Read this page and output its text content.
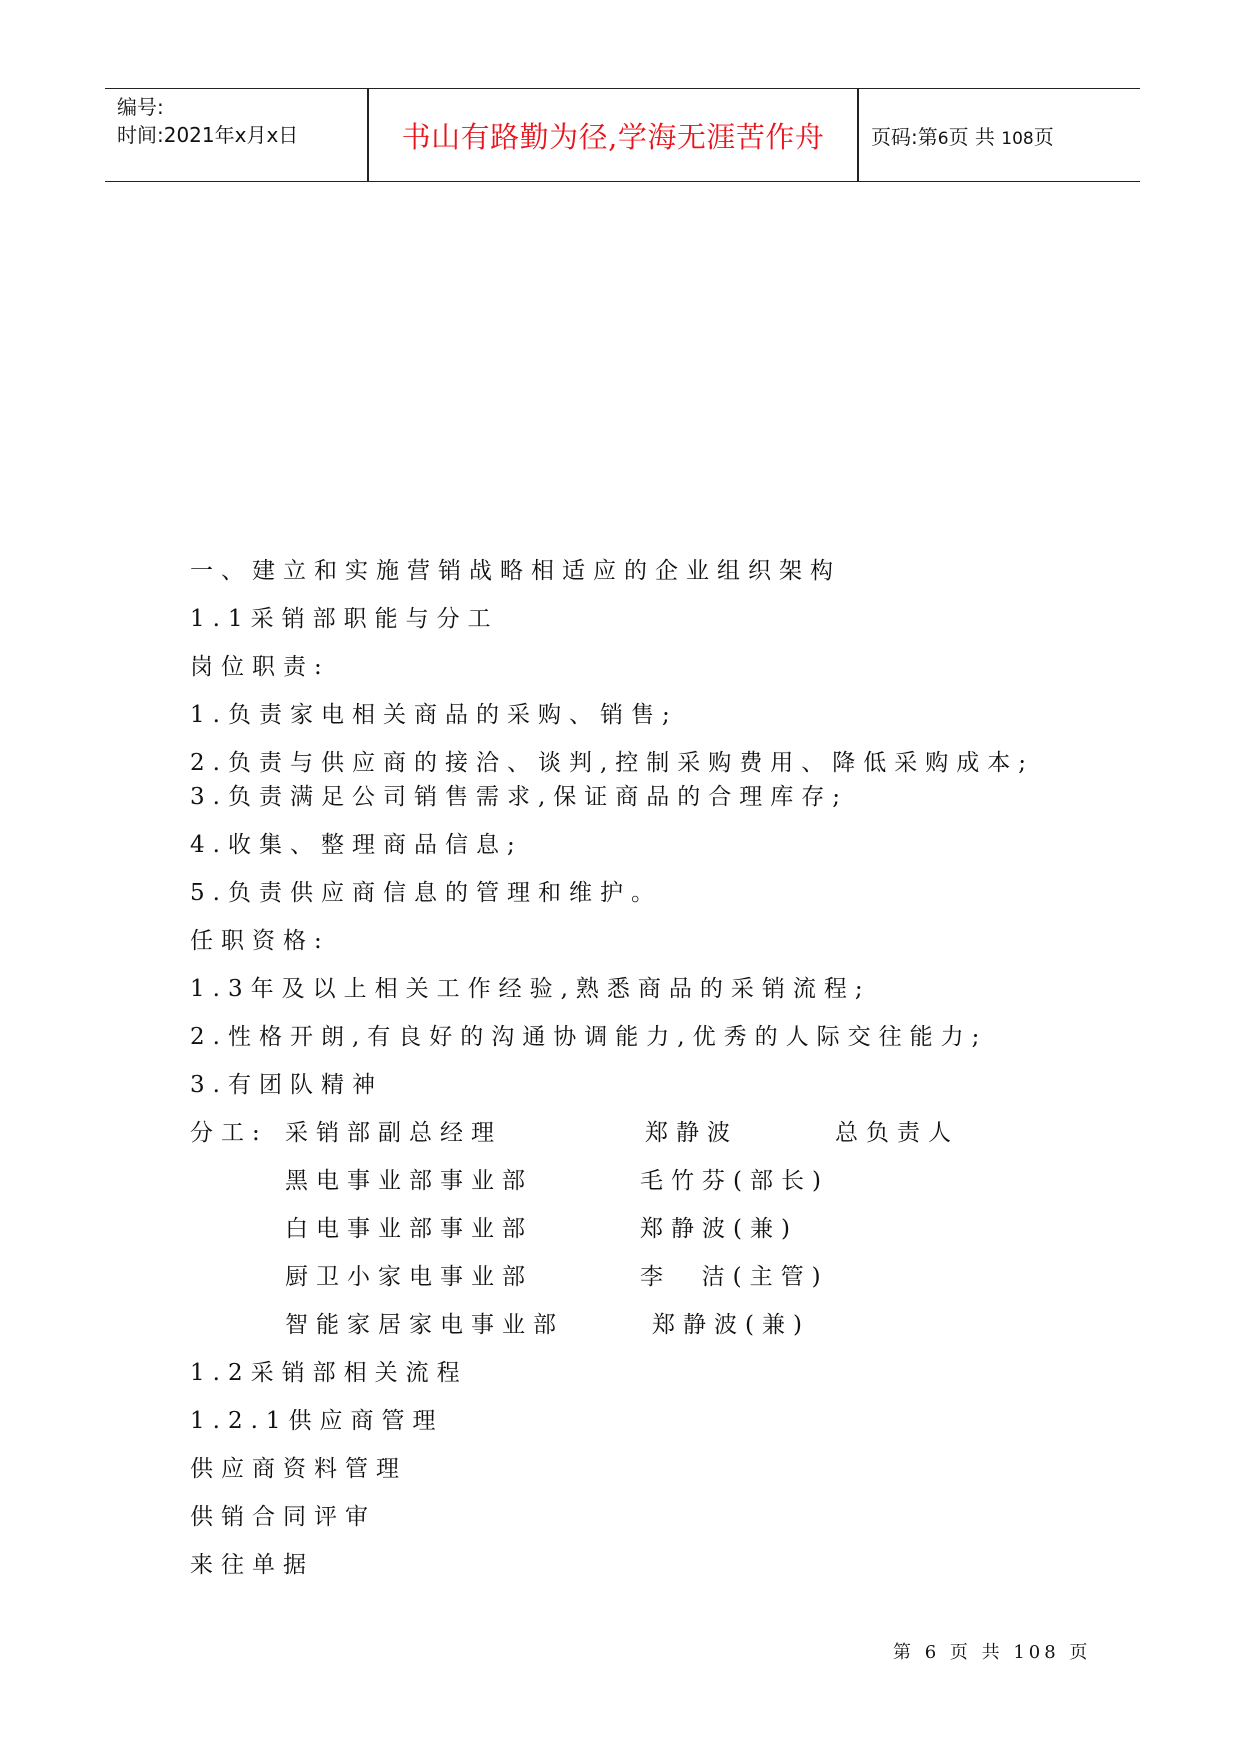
编号:
时间:2021年x月x日	书山有路勤为径,学海无涯苦作舟	页码:第6页 共 108页
一、建立和实施营销战略相适应的企业组织架构
1.1采销部职能与分工
岗位职责:
1.负责家电相关商品的采购、销售;
2.负责与供应商的接洽、谈判,控制采购费用、降低采购成本;
3.负责满足公司销售需求,保证商品的合理库存;
4.收集、整理商品信息;
5.负责供应商信息的管理和维护。
任职资格:
1.3年及以上相关工作经验,熟悉商品的采销流程;
2.性格开朗,有良好的沟通协调能力,优秀的人际交往能力;
3.有团队精神
分工: 采销部副总经理	郑静波	总负责人
黑电事业部事业部	毛竹芬(部长)
白电事业部事业部	郑静波(兼)
厨卫小家电事业部	李  洁(主管)
智能家居家电事业部	郑静波(兼)
1.2采销部相关流程
1.2.1供应商管理
供应商资料管理
供销合同评审
来往单据
第 6 页 共 108 页
